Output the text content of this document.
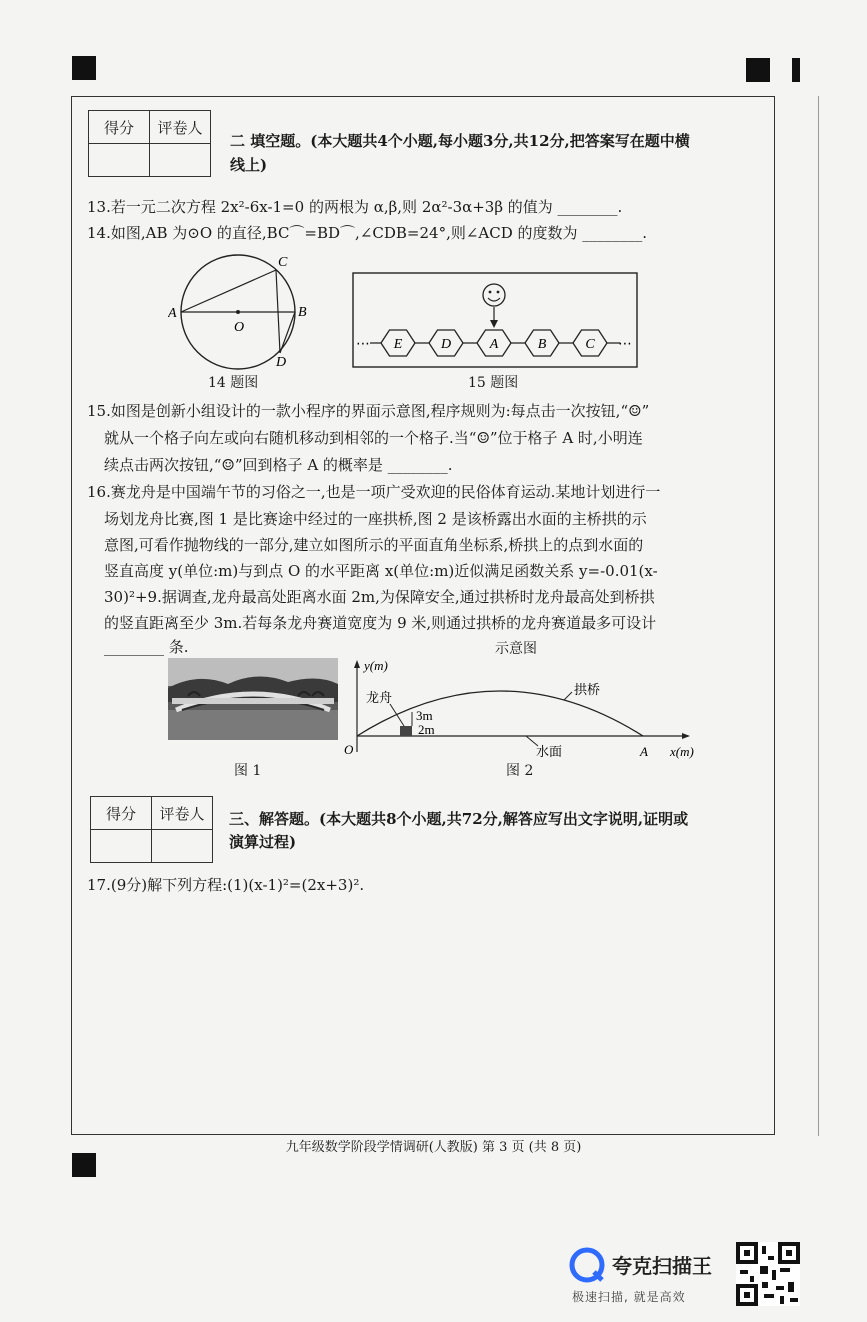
得分	评卷人

二 填空题。(本大题共4个小题,每小题3分,共12分,把答案写在题中横
线上)
13.若一元二次方程 2x²-6x-1=0 的两根为 α,β,则 2α²-3α+3β 的值为 ________.
14.如图,AB 为⊙O 的直径,BC⌒=BD⌒,∠CDB=24°,则∠ACD 的度数为 ________.
A
O
C
B
D
14 题图
⋯	⋯
E	D	A	B	C
15 题图
15.如图是创新小组设计的一款小程序的界面示意图,程序规则为:每点击一次按钮,“☺”
就从一个格子向左或向右随机移动到相邻的一个格子.当“☺”位于格子 A 时,小明连
续点击两次按钮,“☺”回到格子 A 的概率是 ________.
16.赛龙舟是中国端午节的习俗之一,也是一项广受欢迎的民俗体育运动.某地计划进行一
场划龙舟比赛,图 1 是比赛途中经过的一座拱桥,图 2 是该桥露出水面的主桥拱的示
意图,可看作抛物线的一部分,建立如图所示的平面直角坐标系,桥拱上的点到水面的
竖直高度 y(单位:m)与到点 O 的水平距离 x(单位:m)近似满足函数关系 y=-0.01(x-
30)²+9.据调查,龙舟最高处距离水面 2m,为保障安全,通过拱桥时龙舟最高处到桥拱
的竖直距离至少 3m.若每条龙舟赛道宽度为 9 米,则通过拱桥的龙舟赛道最多可设计
________ 条.	示意图
图 1
y(m)
O	A x(m)
龙舟
拱桥
水面
3m
2m
图 2
得分	评卷人
	三、解答题。(本大题共8个小题,共72分,解答应写出文字说明,证明或
演算过程)
17.(9分)解下列方程:(1)(x-1)²=(2x+3)².
九年级数学阶段学情调研(人教版) 第 3 页 (共 8 页)
夸克扫描王
极速扫描, 就是高效
